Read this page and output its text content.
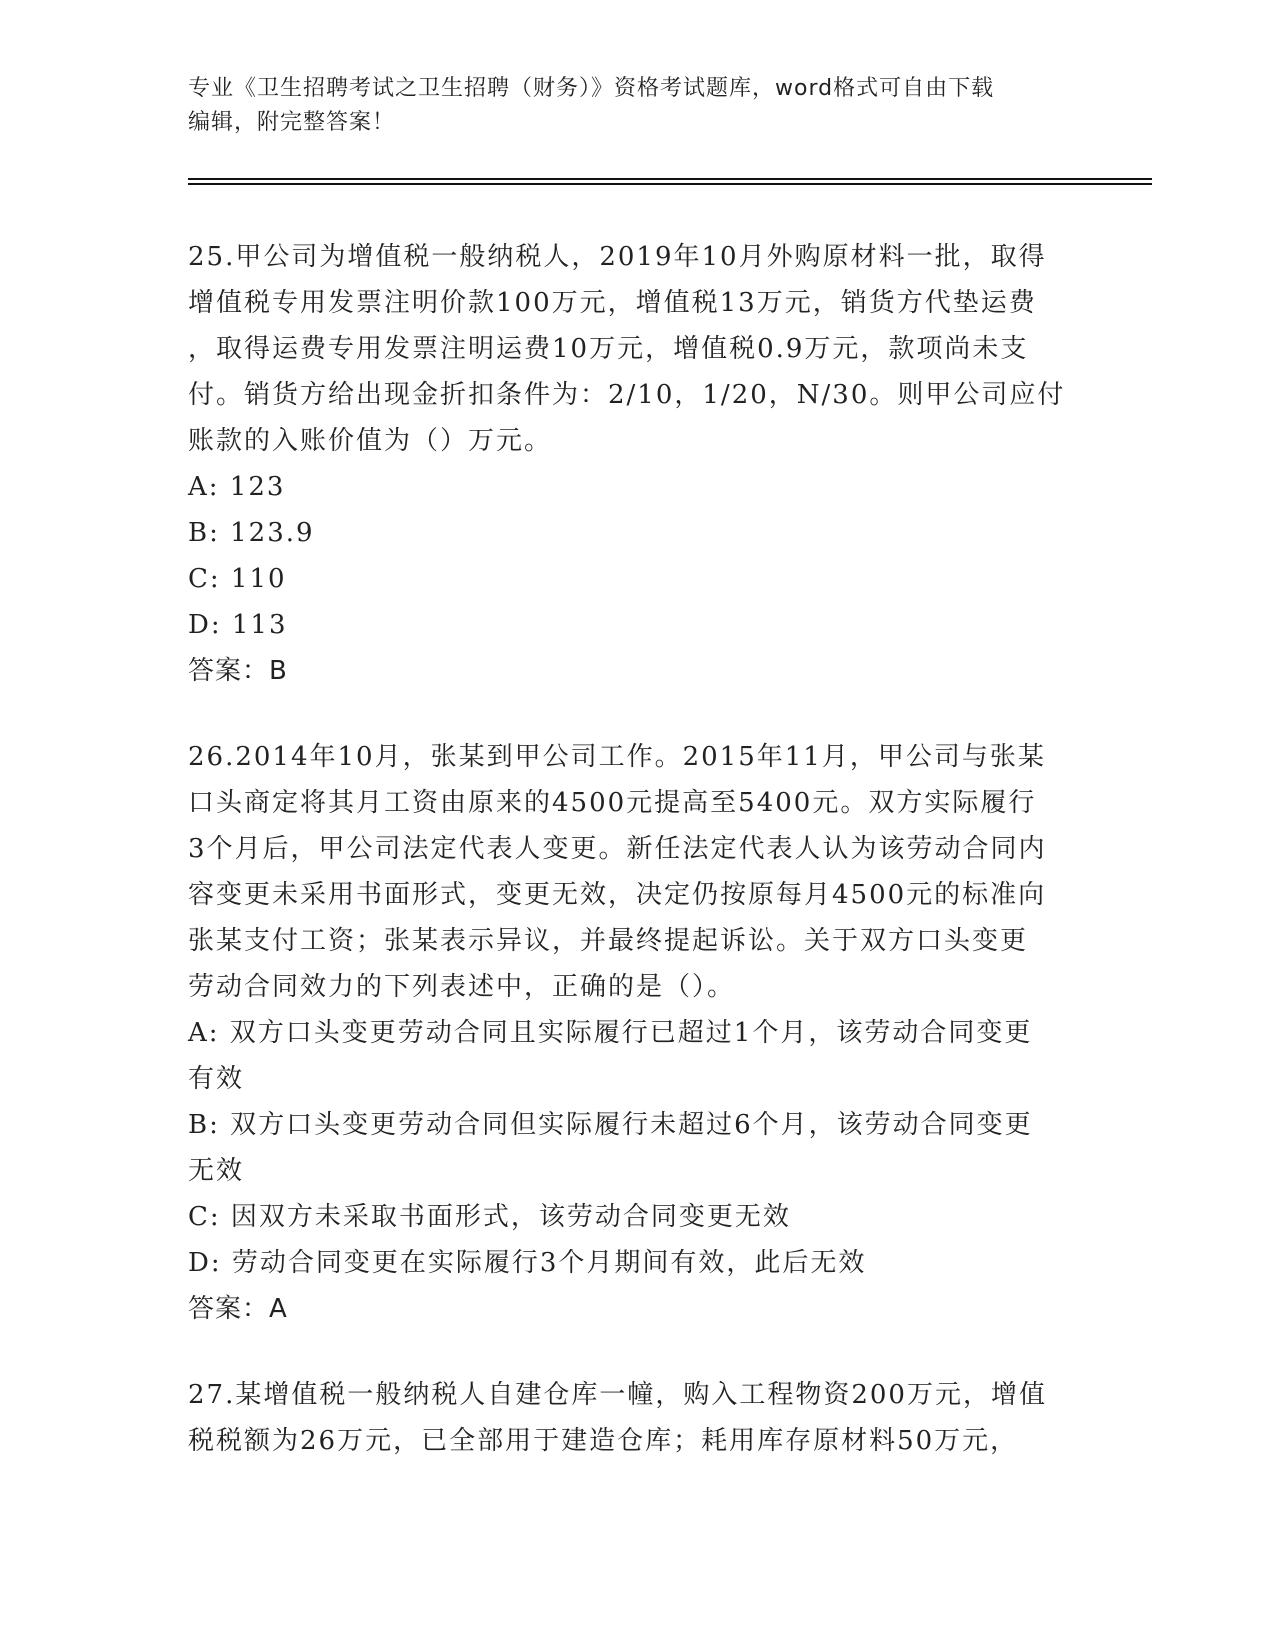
专业《卫生招聘考试之卫生招聘（财务）》资格考试题库，word格式可自由下载
编辑，附完整答案！
25.甲公司为增值税一般纳税人，2019年10月外购原材料一批，取得
增值税专用发票注明价款100万元，增值税13万元，销货方代垫运费
，取得运费专用发票注明运费10万元，增值税0.9万元，款项尚未支
付。销货方给出现金折扣条件为：2/10，1/20，N/30。则甲公司应付
账款的入账价值为（）万元。
A: 123
B: 123.9
C: 110
D: 113
答案：B
26.2014年10月，张某到甲公司工作。2015年11月，甲公司与张某
口头商定将其月工资由原来的4500元提高至5400元。双方实际履行
3个月后，甲公司法定代表人变更。新任法定代表人认为该劳动合同内
容变更未采用书面形式，变更无效，决定仍按原每月4500元的标准向
张某支付工资；张某表示异议，并最终提起诉讼。关于双方口头变更
劳动合同效力的下列表述中，正确的是（）。
A: 双方口头变更劳动合同且实际履行已超过1个月，该劳动合同变更
有效
B: 双方口头变更劳动合同但实际履行未超过6个月，该劳动合同变更
无效
C: 因双方未采取书面形式，该劳动合同变更无效
D: 劳动合同变更在实际履行3个月期间有效，此后无效
答案：A
27.某增值税一般纳税人自建仓库一幢，购入工程物资200万元，增值
税税额为26万元，已全部用于建造仓库；耗用库存原材料50万元，
